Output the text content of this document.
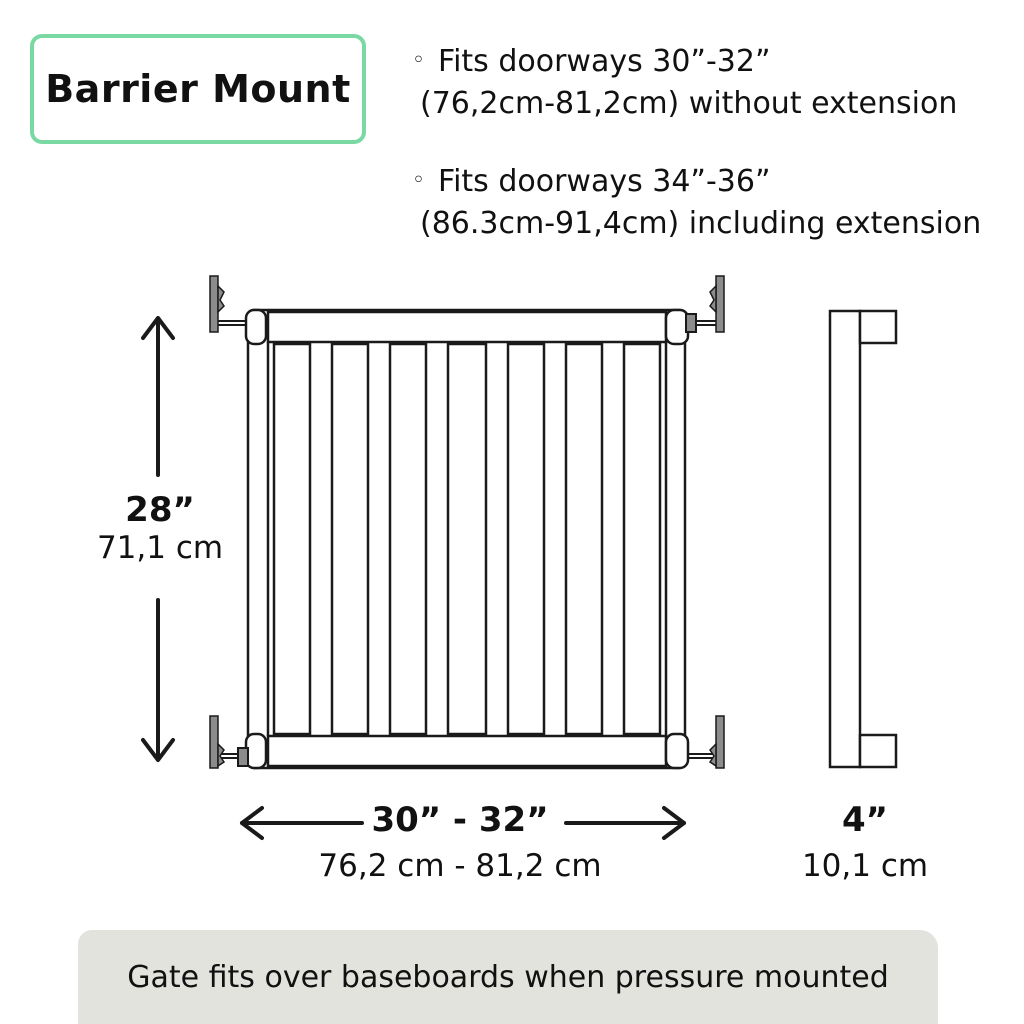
Barrier Mount
◦ Fits doorways 30”-32”
(76,2cm-81,2cm) without extension
◦ Fits doorways 34”-36”
(86.3cm-91,4cm) including extension
28”
71,1 cm
30” - 32”
76,2 cm - 81,2 cm
4”
10,1 cm
Gate fits over baseboards when pressure mounted
